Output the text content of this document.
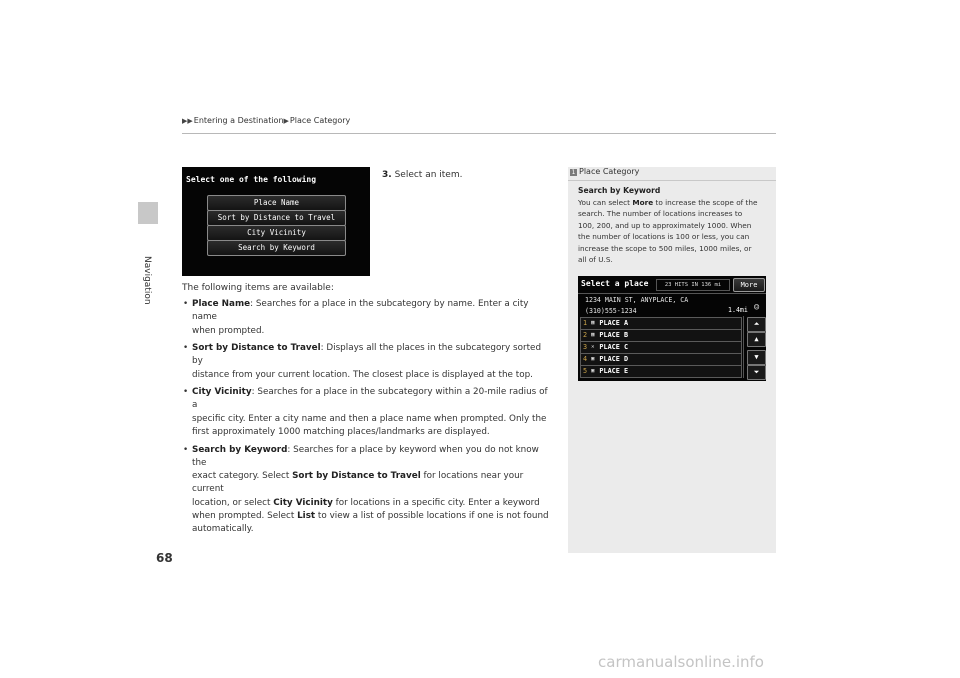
Navigation
▶▶Entering a Destination▶Place Category
Select one of the following
Place Name
Sort by Distance to Travel
City Vicinity
Search by Keyword
3. Select an item.
The following items are available:
• Place Name: Searches for a place in the subcategory by name. Enter a city name
when prompted.
• Sort by Distance to Travel: Displays all the places in the subcategory sorted by
distance from your current location. The closest place is displayed at the top.
• City Vicinity: Searches for a place in the subcategory within a 20-mile radius of a
specific city. Enter a city name and then a place name when prompted. Only the
first approximately 1000 matching places/landmarks are displayed.
• Search by Keyword: Searches for a place by keyword when you do not know the
exact category. Select Sort by Distance to Travel for locations near your current
location, or select City Vicinity for locations in a specific city. Enter a keyword
when prompted. Select List to view a list of possible locations if one is not found
automatically.
1 Place Category
Search by Keyword
You can select More to increase the scope of the
search. The number of locations increases to
100, 200, and up to approximately 1000. When
the number of locations is 100 or less, you can
increase the scope to 500 miles, 1000 miles, or
all of U.S.
Select a place	23 HITS IN 136 mi	More
1234 MAIN ST, ANYPLACE, CA
(310)555-1234	1.4mi ☺
1 ▦ PLACE A
2 ▦ PLACE B
3 ✕ PLACE C
4 ▣ PLACE D
5 ▣ PLACE E
⏶
▲
▼
⏷
68
carmanualsonline.info
